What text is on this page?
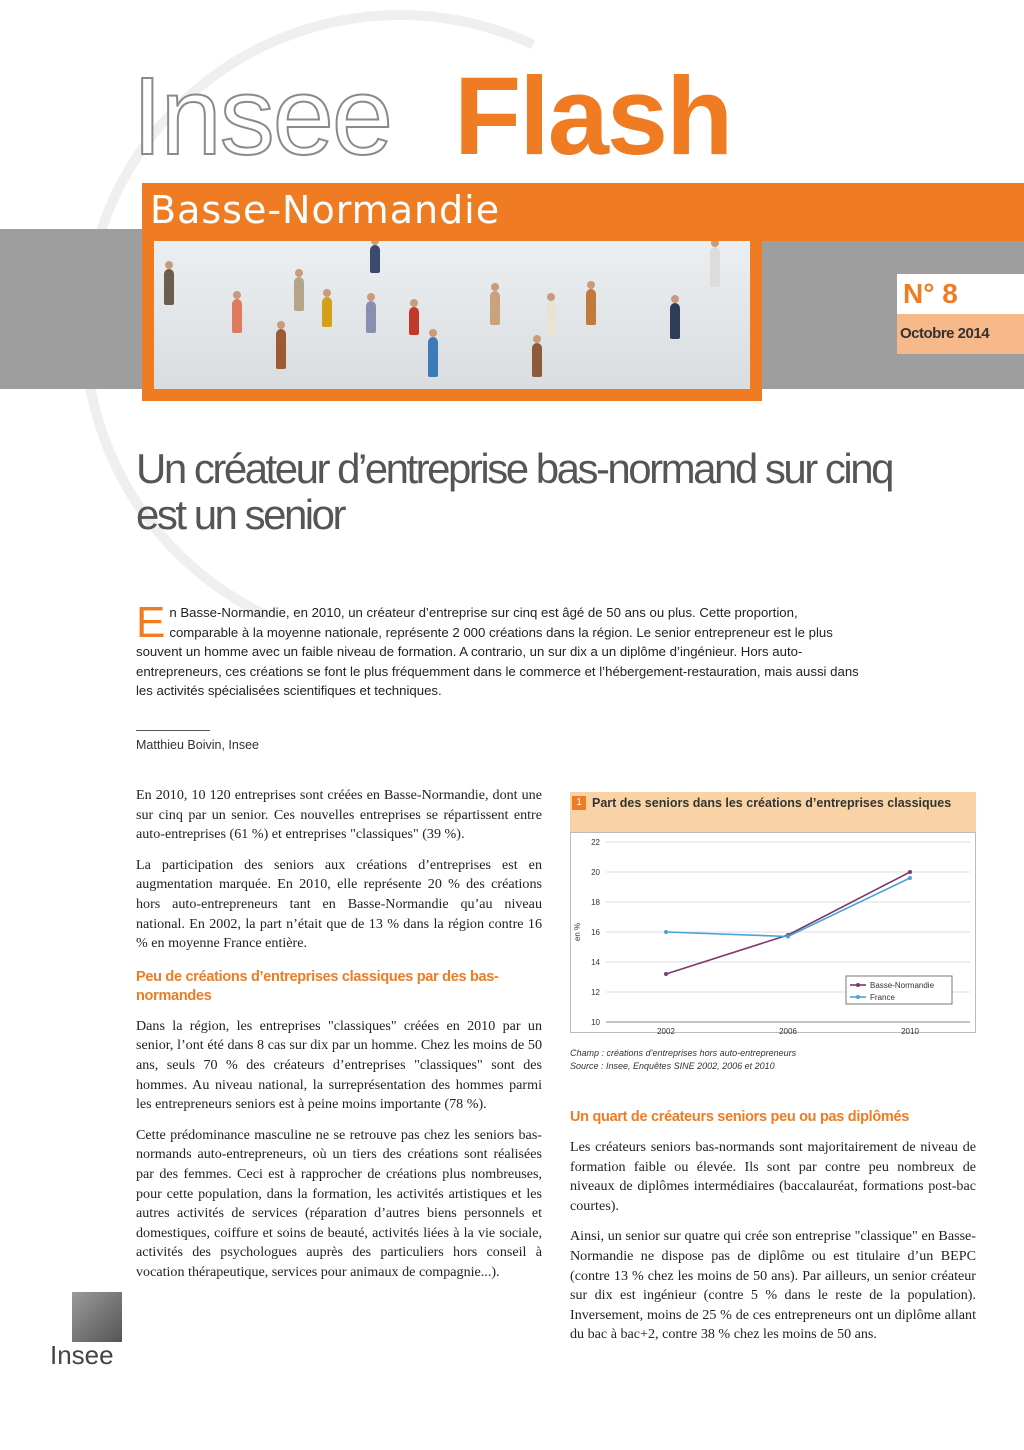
Insee Flash
Basse-Normandie
N° 8
Octobre 2014
Un créateur d’entreprise bas-normand sur cinq est un senior
En Basse-Normandie, en 2010, un créateur d’entreprise sur cinq est âgé de 50 ans ou plus. Cette proportion, comparable à la moyenne nationale, représente 2 000 créations dans la région. Le senior entrepreneur est le plus souvent un homme avec un faible niveau de formation. A contrario, un sur dix a un diplôme d’ingénieur. Hors auto-entrepreneurs, ces créations se font le plus fréquemment dans le commerce et l’hébergement-restauration, mais aussi dans les activités spécialisées scientifiques et techniques.
Matthieu Boivin, Insee

En 2010, 10 120 entreprises sont créées en Basse-Normandie, dont une sur cinq par un senior. Ces nouvelles entreprises se répartissent entre auto-entreprises (61 %) et entreprises "classiques" (39 %).

La participation des seniors aux créations d’entreprises est en augmentation marquée. En 2010, elle représente 20 % des créations hors auto-entrepreneurs tant en Basse-Normandie qu’au niveau national. En 2002, la part n’était que de 13 % dans la région contre 16 % en moyenne France entière.

Peu de créations d’entreprises classiques par des bas-normandes

Dans la région, les entreprises "classiques" créées en 2010 par un senior, l’ont été dans 8 cas sur dix par un homme. Chez les moins de 50 ans, seuls 70 % des créateurs d’entreprises "classiques" sont des hommes. Au niveau national, la surreprésentation des hommes parmi les entrepreneurs seniors est à peine moins importante (78 %).

Cette prédominance masculine ne se retrouve pas chez les seniors bas-normands auto-entrepreneurs, où un tiers des créations sont réalisées par des femmes. Ceci est à rapprocher de créations plus nombreuses, pour cette population, dans la formation, les activités artistiques et les autres activités de services (réparation d’autres biens personnels et domestiques, coiffure et soins de beauté, activités liées à la vie sociale, activités des psychologues auprès des particuliers hors conseil à vocation thérapeutique, services pour animaux de compagnie...).

1 Part des seniors dans les créations d’entreprises classiques
10
12
14
16
18
20
22
en %
2002	2006	2010
Basse-Normandie
France
Champ : créations d’entreprises hors auto-entrepreneurs
Source : Insee, Enquêtes SINE 2002, 2006 et 2010
Un quart de créateurs seniors peu ou pas diplômés

Les créateurs seniors bas-normands sont majoritairement de niveau de formation faible ou élevée. Ils sont par contre peu nombreux de niveaux de diplômes intermédiaires (baccalauréat, formations post-bac courtes).

Ainsi, un senior sur quatre qui crée son entreprise "classique" en Basse-Normandie ne dispose pas de diplôme ou est titulaire d’un BEPC (contre 13 % chez les moins de 50 ans). Par ailleurs, un senior créateur sur dix est ingénieur (contre 5 % dans le reste de la population). Inversement, moins de 25 % de ces entrepreneurs ont un diplôme allant du bac à bac+2, contre 38 % chez les moins de 50 ans.

Insee
